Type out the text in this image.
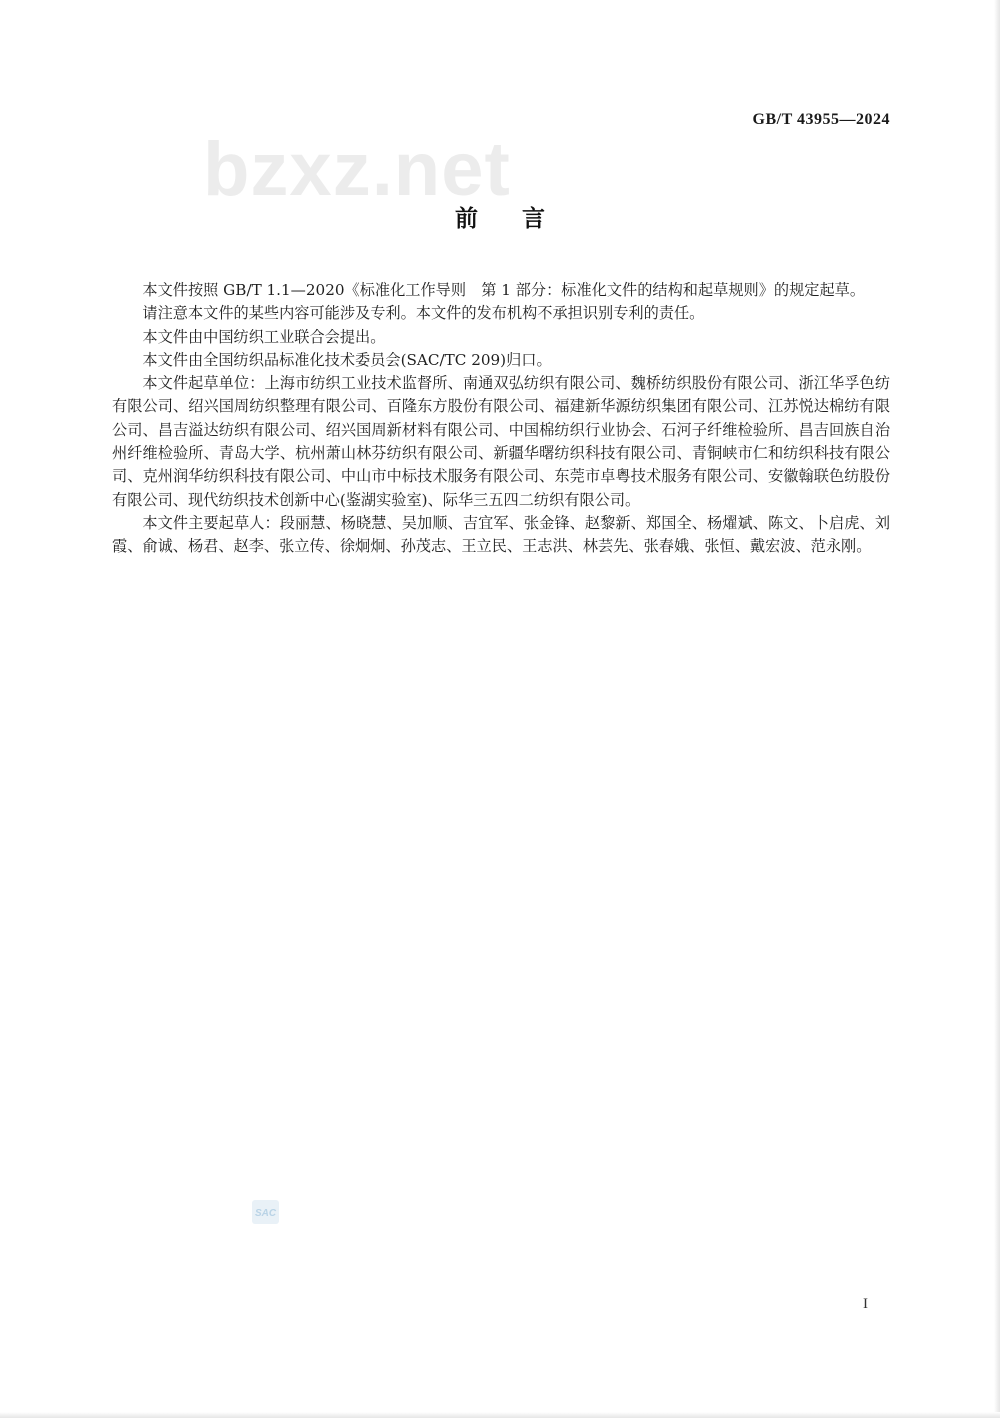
GB/T 43955—2024
bzxz.net
前言

本文件按照 GB/T 1.1—2020《标准化工作导则　第 1 部分：标准化文件的结构和起草规则》的规定起草。

请注意本文件的某些内容可能涉及专利。本文件的发布机构不承担识别专利的责任。

本文件由中国纺织工业联合会提出。

本文件由全国纺织品标准化技术委员会(SAC/TC 209)归口。

本文件起草单位：上海市纺织工业技术监督所、南通双弘纺织有限公司、魏桥纺织股份有限公司、浙江华孚色纺有限公司、绍兴国周纺织整理有限公司、百隆东方股份有限公司、福建新华源纺织集团有限公司、江苏悦达棉纺有限公司、昌吉溢达纺织有限公司、绍兴国周新材料有限公司、中国棉纺织行业协会、石河子纤维检验所、昌吉回族自治州纤维检验所、青岛大学、杭州萧山林芬纺织有限公司、新疆华曙纺织科技有限公司、青铜峡市仁和纺织科技有限公司、克州润华纺织科技有限公司、中山市中标技术服务有限公司、东莞市卓粤技术服务有限公司、安徽翰联色纺股份有限公司、现代纺织技术创新中心(鉴湖实验室)、际华三五四二纺织有限公司。

本文件主要起草人：段丽慧、杨晓慧、吴加顺、吉宜军、张金锋、赵黎新、郑国全、杨燿斌、陈文、卜启虎、刘霞、俞诚、杨君、赵李、张立传、徐炯炯、孙茂志、王立民、王志洪、林芸先、张春娥、张恒、戴宏波、范永刚。

SAC
I
